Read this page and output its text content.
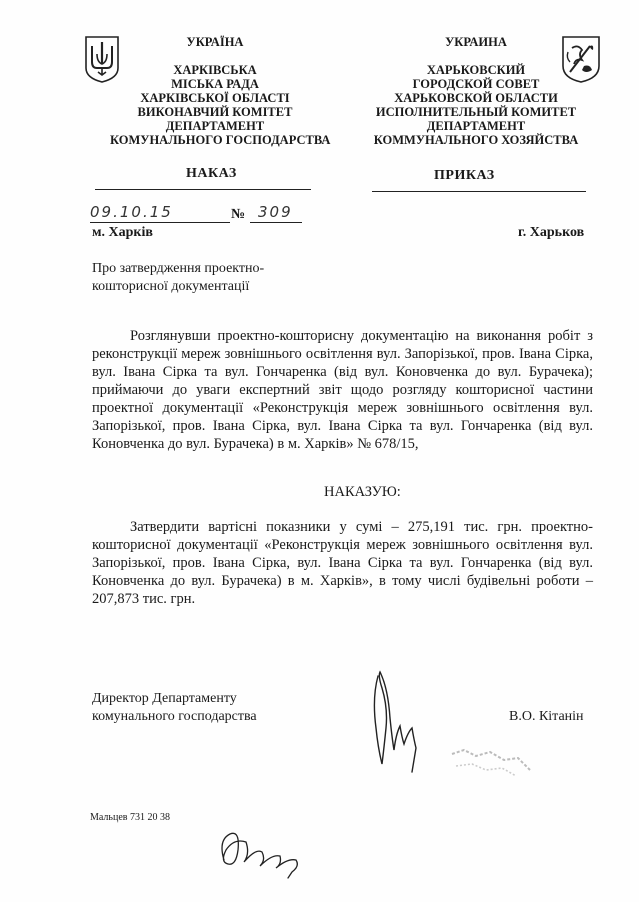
УКРАЇНА
ХАРКІВСЬКА
МІСЬКА РАДА
ХАРКІВСЬКОЇ ОБЛАСТІ
ВИКОНАВЧИЙ КОМІТЕТ
ДЕПАРТАМЕНТ
КОМУНАЛЬНОГО ГОСПОДАРСТВА
УКРАИНА
ХАРЬКОВСКИЙ
ГОРОДСКОЙ СОВЕТ
ХАРЬКОВСКОЙ ОБЛАСТИ
ИСПОЛНИТЕЛЬНЫЙ КОМИТЕТ
ДЕПАРТАМЕНТ
КОММУНАЛЬНОГО ХОЗЯЙСТВА
НАКАЗ	ПРИКАЗ
09.10.15	№ 309
м. Харків	г. Харьков
Про затвердження проектно-
кошторисної документації
Розглянувши проектно-кошторисну документацію на виконання робіт з реконструкції мереж зовнішнього освітлення вул. Запорізької, пров. Івана Сірка, вул. Івана Сірка та вул. Гончаренка (від вул. Коновченка до вул. Бурачека); приймаючи до уваги експертний звіт щодо розгляду кошторисної частини проектної документації «Реконструкція мереж зовнішнього освітлення вул. Запорізької, пров. Івана Сірка, вул. Івана Сірка та вул. Гончаренка (від вул. Коновченка до вул. Бурачека) в м. Харків» № 678/15,
НАКАЗУЮ:
Затвердити вартісні показники у сумі – 275,191 тис. грн. проектно-кошторисної документації «Реконструкція мереж зовнішнього освітлення вул. Запорізької, пров. Івана Сірка, вул. Івана Сірка та вул. Гончаренка (від вул. Коновченка до вул. Бурачека) в м. Харків», в тому числі будівельні роботи – 207,873 тис. грн.
Директор Департаменту
комунального господарства	В.О. Кітанін
Мальцев 731 20 38
